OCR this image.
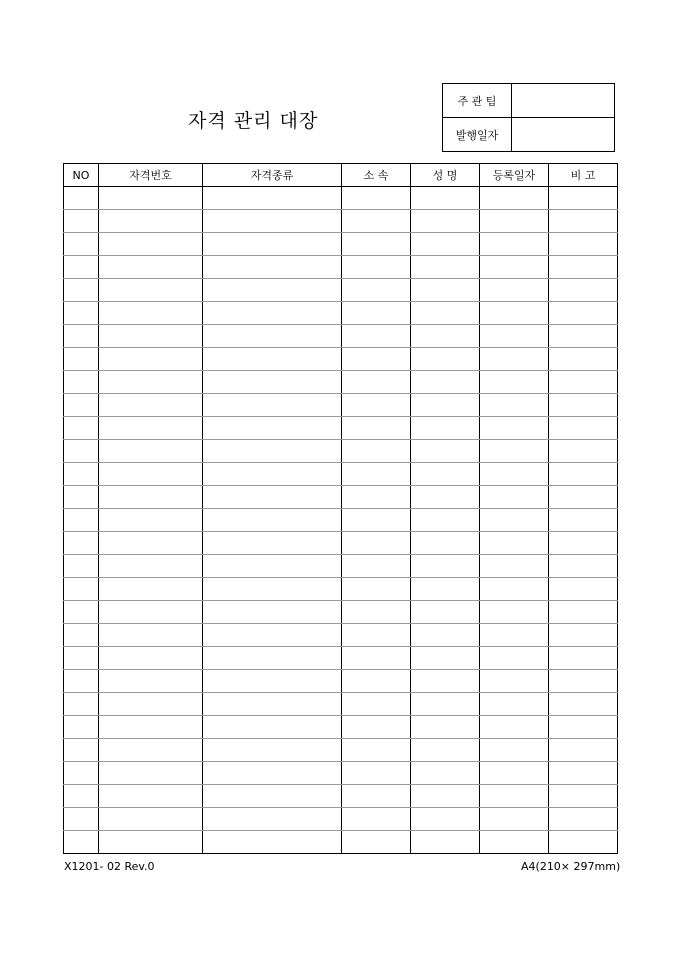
자격 관리 대장
주 관 팀	
발행일자	
NO	자격번호	자격종류	소 속	성 명	등록일자	비 고

X1201- 02 Rev.0	A4(210× 297mm)
